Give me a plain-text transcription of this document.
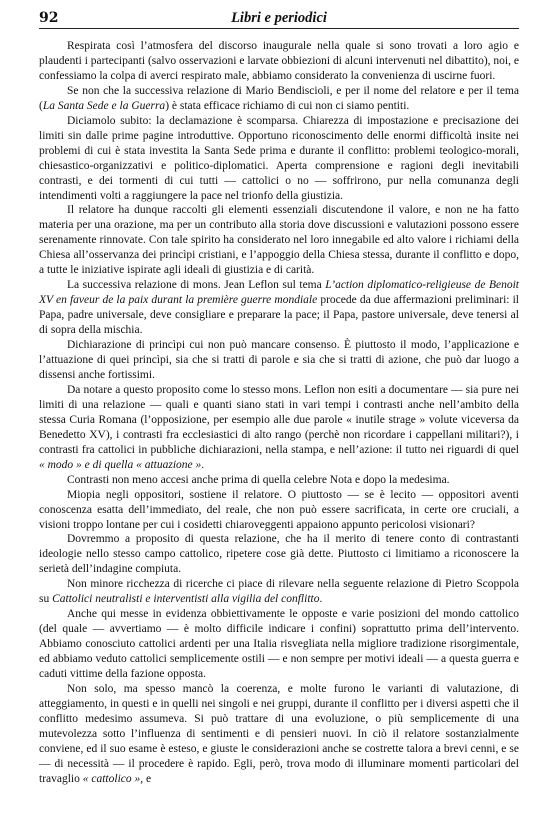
92	Libri e periodici

Respirata così l’atmosfera del discorso inaugurale nella quale si sono trovati a loro agio e plaudenti i partecipanti (salvo osservazioni e larvate obbiezioni di alcuni intervenuti nel dibattito), noi, e confessiamo la colpa di averci respirato male, abbiamo considerato la convenienza di uscirne fuori.

Se non che la successiva relazione di Mario Bendiscioli, e per il nome del relatore e per il tema (La Santa Sede e la Guerra) è stata efficace richiamo di cui non ci siamo pentiti.

Diciamolo subito: la declamazione è scomparsa. Chiarezza di impostazione e precisazione dei limiti sin dalle prime pagine introduttive. Opportuno riconoscimento delle enormi difficoltà insite nei problemi di cui è stata investita la Santa Sede prima e durante il conflitto: problemi teologico-morali, chiesastico-organizzativi e politico-diplomatici. Aperta comprensione e ragioni degli inevitabili contrasti, e dei tormenti di cui tutti — cattolici o no — soffrirono, pur nella comunanza degli intendimenti volti a raggiungere la pace nel trionfo della giustizia.

Il relatore ha dunque raccolti gli elementi essenziali discutendone il valore, e non ne ha fatto materia per una orazione, ma per un contributo alla storia dove discussioni e valutazioni possono essere serenamente rinnovate. Con tale spirito ha considerato nel loro innegabile ed alto valore i richiami della Chiesa all’osservanza dei princìpi cristiani, e l’appoggio della Chiesa stessa, durante il conflitto e dopo, a tutte le iniziative ispirate agli ideali di giustizia e di carità.

La successiva relazione di mons. Jean Leflon sul tema L’action diplomatico-religieuse de Benoit XV en faveur de la paix durant la première guerre mondiale procede da due affermazioni preliminari: il Papa, padre universale, deve consigliare e preparare la pace; il Papa, pastore universale, deve tenersi al di sopra della mischia.

Dichiarazione di princìpi cui non può mancare consenso. È piuttosto il modo, l’applicazione e l’attuazione di quei princìpi, sia che si tratti di parole e sia che si tratti di azione, che può dar luogo a dissensi anche fortissimi.

Da notare a questo proposito come lo stesso mons. Leflon non esiti a documentare — sia pure nei limiti di una relazione — quali e quanti siano stati in vari tempi i contrasti anche nell’ambito della stessa Curia Romana (l’opposizione, per esempio alle due parole « inutile strage » volute viceversa da Benedetto XV), i contrasti fra ecclesiastici di alto rango (perchè non ricordare i cappellani militari?), i contrasti fra cattolici in pubbliche dichiarazioni, nella stampa, e nell’azione: il tutto nei riguardi di quel « modo » e di quella « attuazione ».

Contrasti non meno accesi anche prima di quella celebre Nota e dopo la medesima.

Miopia negli oppositori, sostiene il relatore. O piuttosto — se è lecito — oppositori aventi conoscenza esatta dell’immediato, del reale, che non può essere sacrificata, in certe ore cruciali, a visioni troppo lontane per cui i cosidetti chiaroveggenti appaiono appunto pericolosi visionari?

Dovremmo a proposito di questa relazione, che ha il merito di tenere conto di contrastanti ideologie nello stesso campo cattolico, ripetere cose già dette. Piuttosto ci limitiamo a riconoscere la serietà dell’indagine compiuta.

Non minore ricchezza di ricerche ci piace di rilevare nella seguente relazione di Pietro Scoppola su Cattolici neutralisti e interventisti alla vigilia del conflitto.

Anche qui messe in evidenza obbiettivamente le opposte e varie posizioni del mondo cattolico (del quale — avvertiamo — è molto difficile indicare i confini) soprattutto prima dell’intervento. Abbiamo conosciuto cattolici ardenti per una Italia risvegliata nella migliore tradizione risorgimentale, ed abbiamo veduto cattolici semplicemente ostili — e non sempre per motivi ideali — a questa guerra e caduti vittime della fazione opposta.

Non solo, ma spesso mancò la coerenza, e molte furono le varianti di valutazione, di atteggiamento, in questi e in quelli nei singoli e nei gruppi, durante il conflitto per i diversi aspetti che il conflitto medesimo assumeva. Si può trattare di una evoluzione, o più semplicemente di una mutevolezza sotto l’influenza di sentimenti e di pensieri nuovi. In ciò il relatore sostanzialmente conviene, ed il suo esame è esteso, e giuste le considerazioni anche se costrette talora a brevi cenni, e se — di necessità — il procedere è rapido. Egli, però, trova modo di illuminare momenti particolari del travaglio « cattolico », e
